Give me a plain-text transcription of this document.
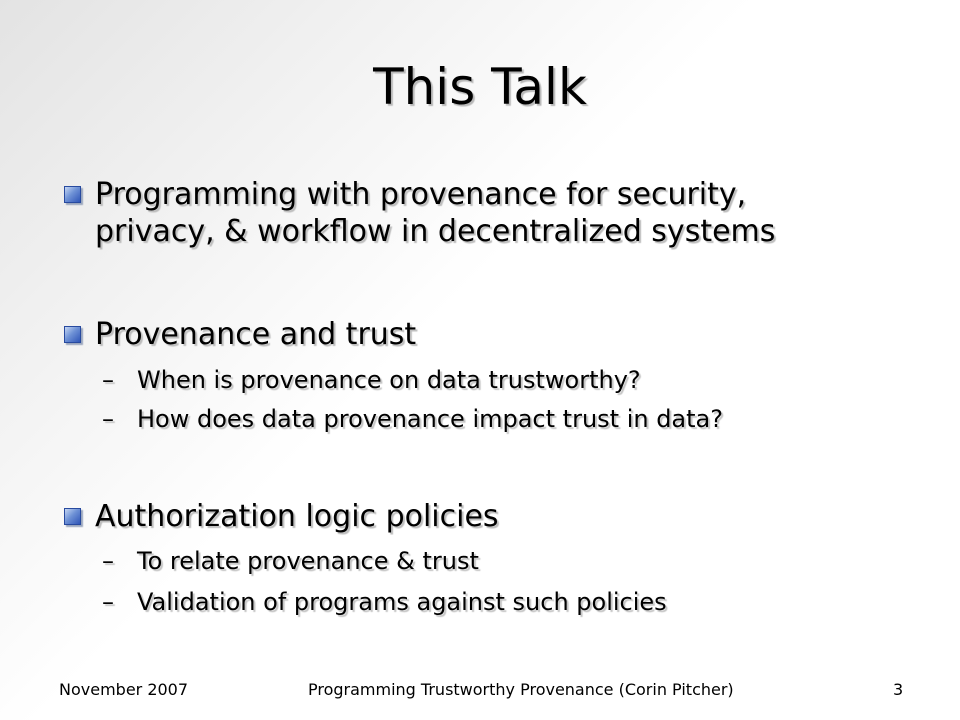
This Talk
Programming with provenance for security,
privacy, & workflow in decentralized systems
Provenance and trust
– When is provenance on data trustworthy?
– How does data provenance impact trust in data?
Authorization logic policies
– To relate provenance & trust
– Validation of programs against such policies
November 2007	Programming Trustworthy Provenance (Corin Pitcher)	3
